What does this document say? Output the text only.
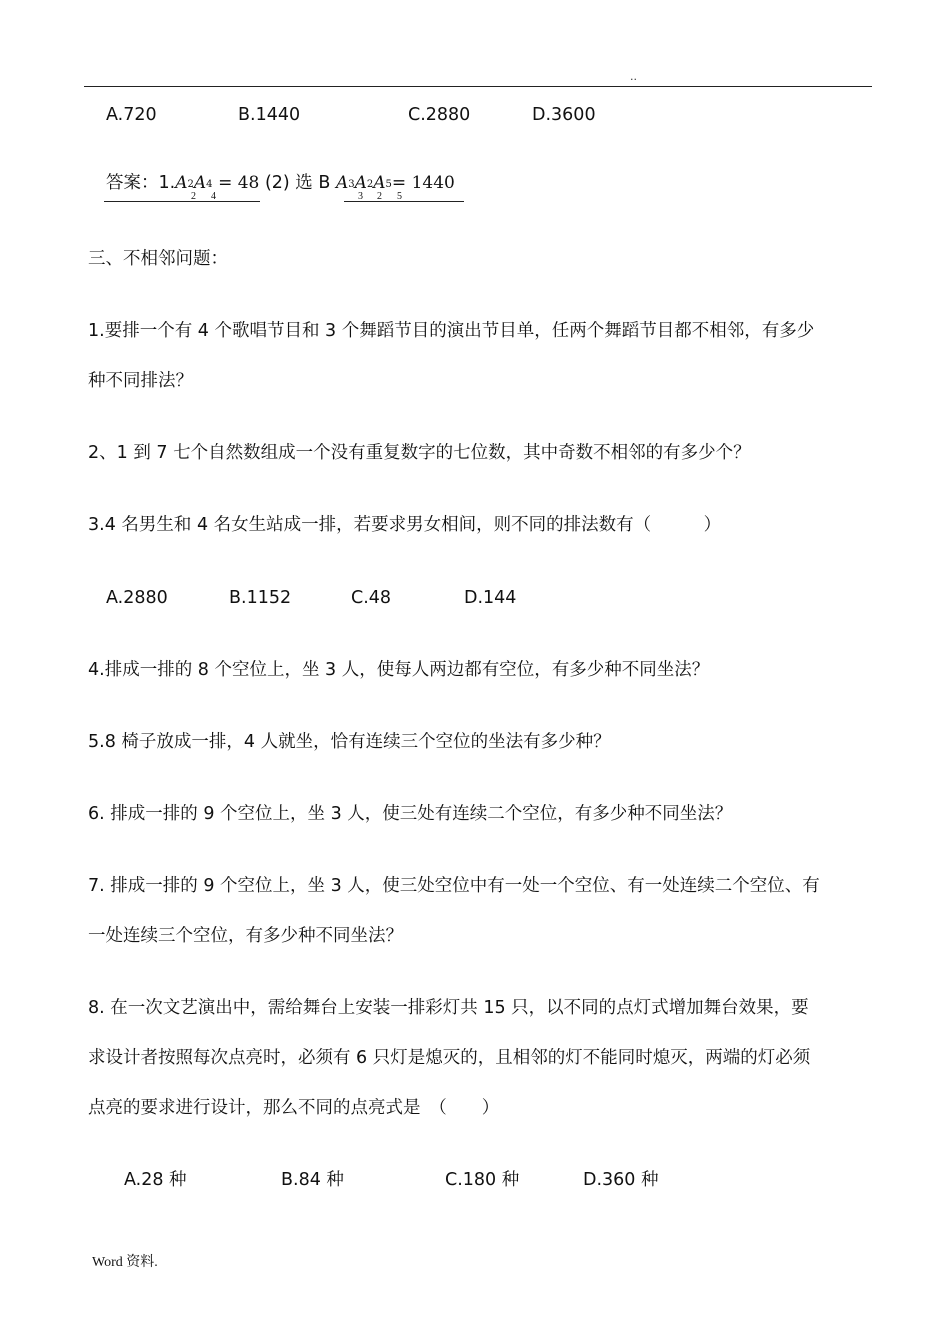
..
A.720	B.1440	C.2880	D.3600
答案：1.A2A4 = 48 (2) 选 B A3A2A5= 1440
2 4	3 2 5
三、不相邻问题：
1.要排一个有 4 个歌唱节目和 3 个舞蹈节目的演出节目单，任两个舞蹈节目都不相邻，有多少
种不同排法？
2、1 到 7 七个自然数组成一个没有重复数字的七位数，其中奇数不相邻的有多少个？
3.4 名男生和 4 名女生站成一排，若要求男女相间，则不同的排法数有（　　　）
A.2880	B.1152	C.48	D.144
4.排成一排的 8 个空位上，坐 3 人，使每人两边都有空位，有多少种不同坐法？
5.8 椅子放成一排，4 人就坐，恰有连续三个空位的坐法有多少种？
6. 排成一排的 9 个空位上，坐 3 人，使三处有连续二个空位，有多少种不同坐法？
7. 排成一排的 9 个空位上，坐 3 人，使三处空位中有一处一个空位、有一处连续二个空位、有
一处连续三个空位，有多少种不同坐法？
8. 在一次文艺演出中，需给舞台上安装一排彩灯共 15 只，以不同的点灯式增加舞台效果，要
求设计者按照每次点亮时，必须有 6 只灯是熄灭的，且相邻的灯不能同时熄灭，两端的灯必须
点亮的要求进行设计，那么不同的点亮式是　（　　）
A.28 种	B.84 种	C.180 种	D.360 种
Word 资料.
